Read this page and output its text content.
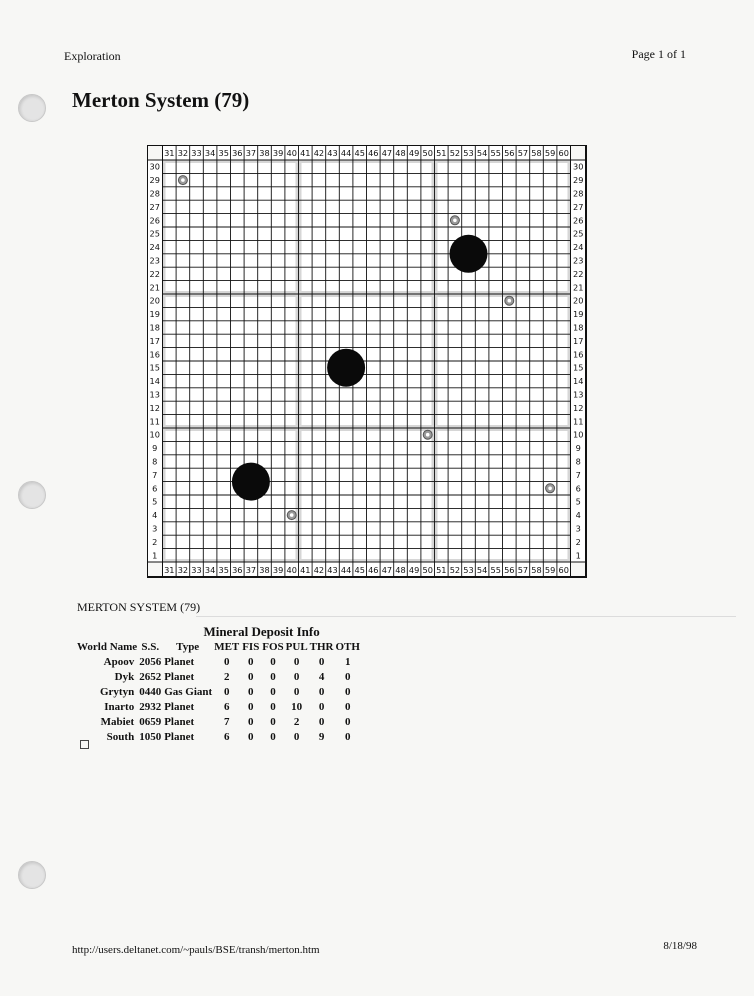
Exploration	Page 1 of 1
Merton System (79)
31
31
32
32
33
33
34
34
35
35
36
36
37
37
38
38
39
39
40
40
41
41
42
42
43
43
44
44
45
45
46
46
47
47
48
48
49
49
50
50
51
51
52
52
53
53
54
54
55
55
56
56
57
57
58
58
59
59
60
60
30	30
29	29
28	28
27	27
26	26
25	25
24	24
23	23
22	22
21	21
20	20
19	19
18	18
17	17
16	16
15	15
14	14
13	13
12	12
11	11
10	10
9	9
8	8
7	7
6	6
5	5
4	4
3	3
2	2
1	1
MERTON SYSTEM (79)
		Mineral Deposit Info						
World Name	S.S.	Type	MET	FIS	FOS	PUL	THR	OTH
Apoov	2056	Planet	0	0	0	0	0	1
Dyk	2652	Planet	2	0	0	0	4	0
Grytyn	0440	Gas Giant	0	0	0	0	0	0
Inarto	2932	Planet	6	0	0	10	0	0
Mabiet	0659	Planet	7	0	0	2	0	0
South	1050	Planet	6	0	0	0	9	0
http://users.deltanet.com/~pauls/BSE/transh/merton.htm	8/18/98
